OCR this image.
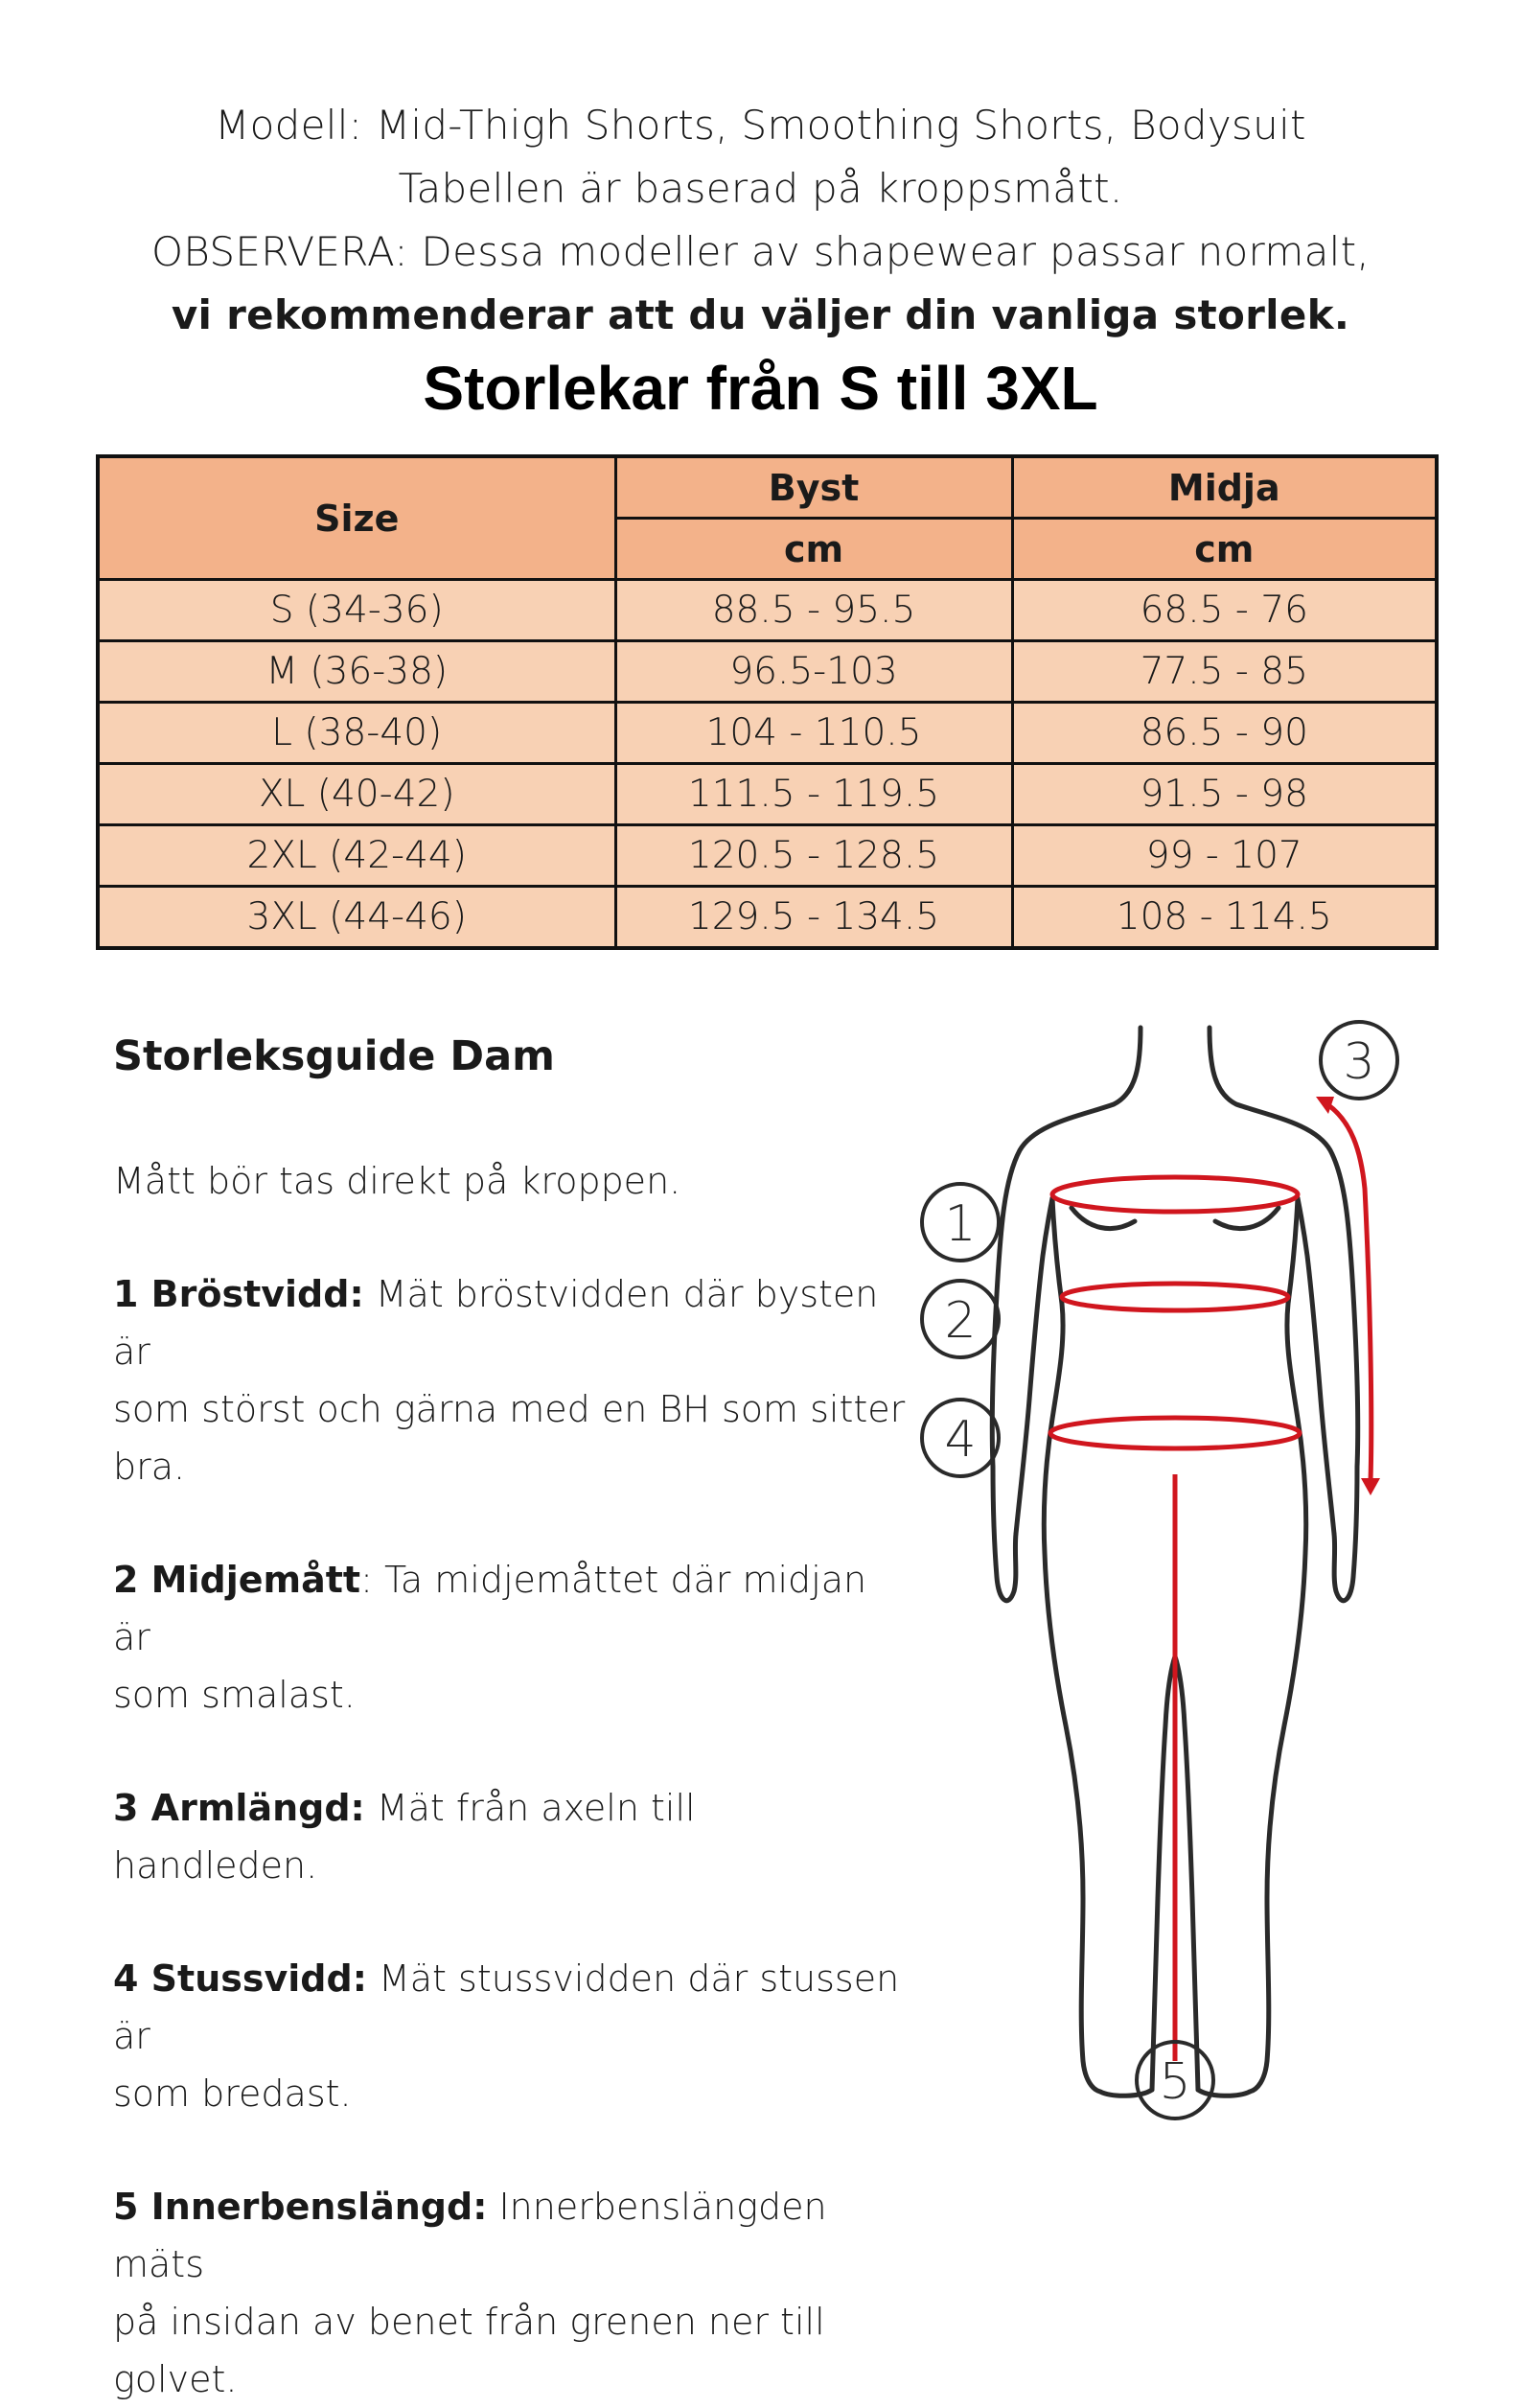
Modell: Mid-Thigh Shorts, Smoothing Shorts, Bodysuit
Tabellen är baserad på kroppsmått.
OBSERVERA: Dessa modeller av shapewear passar normalt,
vi rekommenderar att du väljer din vanliga storlek.
Storlekar från S till 3XL
Size	Byst	Midja
	cm	cm
S (34-36)	88.5 - 95.5	68.5 - 76
M (36-38)	96.5-103	77.5 - 85
L (38-40)	104 - 110.5	86.5 - 90
XL (40-42)	111.5 - 119.5	91.5 - 98
2XL (42-44)	120.5 - 128.5	99 - 107
3XL (44-46)	129.5 - 134.5	108 - 114.5
Storleksguide Dam

Mått bör tas direkt på kroppen.

1 Bröstvidd: Mät bröstvidden där bysten är

som störst och gärna med en BH som sitter

bra.

2 Midjemått: Ta midjemåttet där midjan är

som smalast.

3 Armlängd: Mät från axeln till handleden.

4 Stussvidd: Mät stussvidden där stussen är

som bredast.

5 Innerbenslängd: Innerbenslängden mäts

på insidan av benet från grenen ner till

golvet.

1
2
3
4
5
